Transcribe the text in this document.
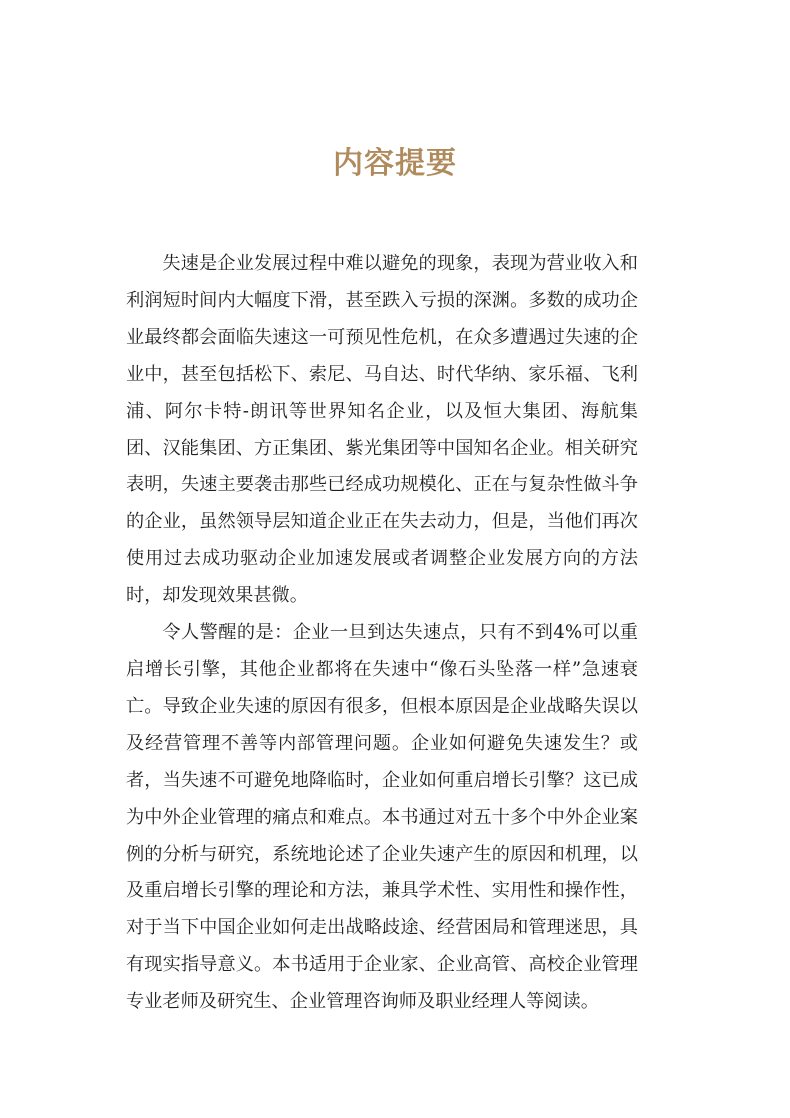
内容提要

失速是企业发展过程中难以避免的现象，表现为营业收入和利润短时间内大幅度下滑，甚至跌入亏损的深渊。多数的成功企业最终都会面临失速这一可预见性危机，在众多遭遇过失速的企业中，甚至包括松下、索尼、马自达、时代华纳、家乐福、飞利浦、阿尔卡特-朗讯等世界知名企业，以及恒大集团、海航集团、汉能集团、方正集团、紫光集团等中国知名企业。相关研究表明，失速主要袭击那些已经成功规模化、正在与复杂性做斗争的企业，虽然领导层知道企业正在失去动力，但是，当他们再次使用过去成功驱动企业加速发展或者调整企业发展方向的方法时，却发现效果甚微。

令人警醒的是：企业一旦到达失速点，只有不到4%可以重启增长引擎，其他企业都将在失速中“像石头坠落一样”急速衰亡。导致企业失速的原因有很多，但根本原因是企业战略失误以及经营管理不善等内部管理问题。企业如何避免失速发生？或者，当失速不可避免地降临时，企业如何重启增长引擎？这已成为中外企业管理的痛点和难点。本书通过对五十多个中外企业案例的分析与研究，系统地论述了企业失速产生的原因和机理，以及重启增长引擎的理论和方法，兼具学术性、实用性和操作性，对于当下中国企业如何走出战略歧途、经营困局和管理迷思，具有现实指导意义。本书适用于企业家、企业高管、高校企业管理专业老师及研究生、企业管理咨询师及职业经理人等阅读。
